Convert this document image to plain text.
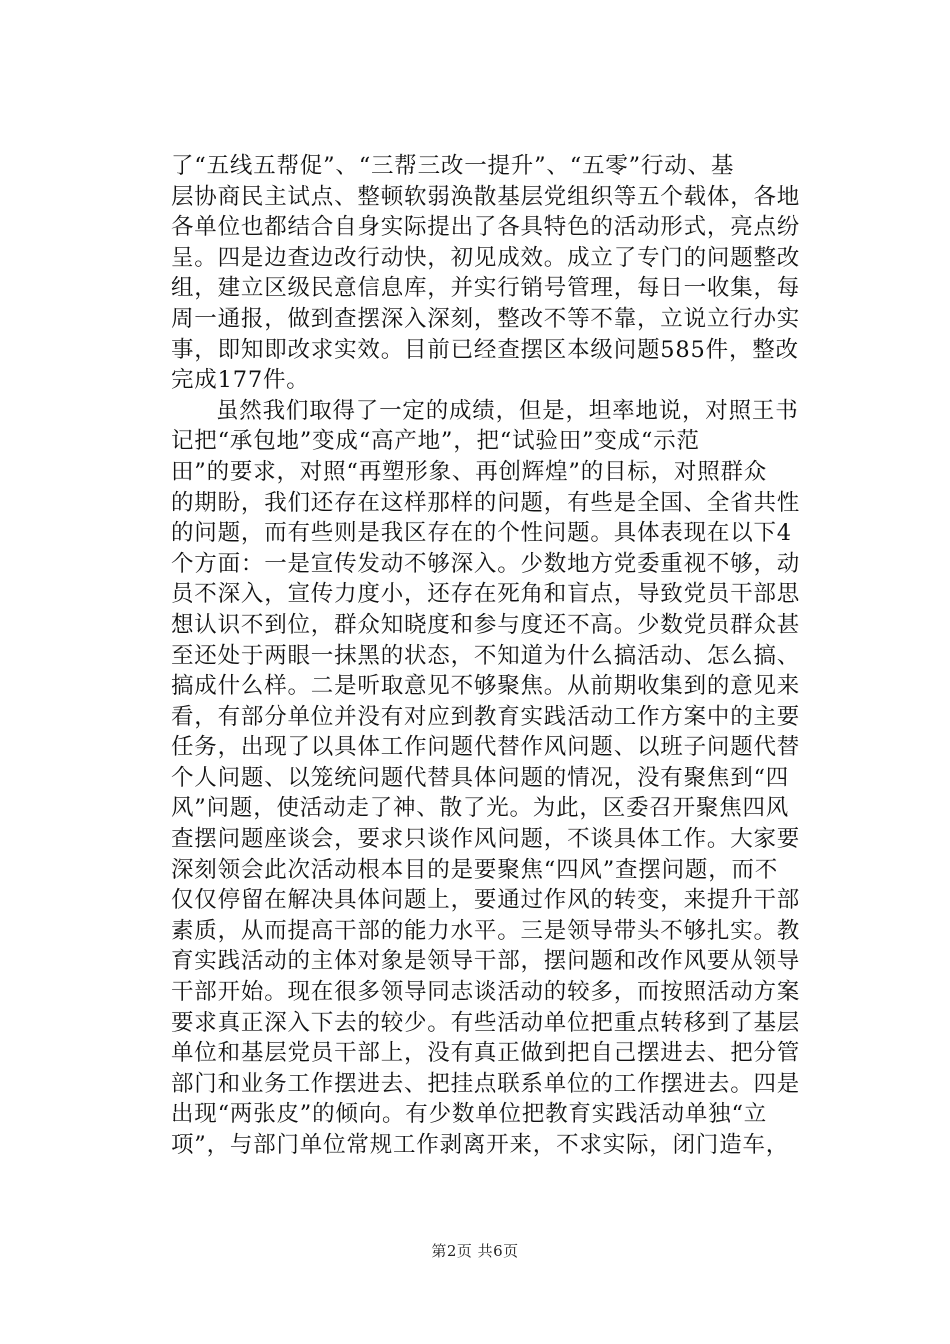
了“五线五帮促”、“三帮三改一提升”、“五零”行动、基
层协商民主试点、整顿软弱涣散基层党组织等五个载体，各地
各单位也都结合自身实际提出了各具特色的活动形式，亮点纷
呈。四是边查边改行动快，初见成效。成立了专门的问题整改
组，建立区级民意信息库，并实行销号管理，每日一收集，每
周一通报，做到查摆深入深刻，整改不等不靠，立说立行办实
事，即知即改求实效。目前已经查摆区本级问题585件，整改
完成177件。
虽然我们取得了一定的成绩，但是，坦率地说，对照王书
记把“承包地”变成“高产地”，把“试验田”变成“示范
田”的要求，对照“再塑形象、再创辉煌”的目标，对照群众
的期盼，我们还存在这样那样的问题，有些是全国、全省共性
的问题，而有些则是我区存在的个性问题。具体表现在以下4
个方面：一是宣传发动不够深入。少数地方党委重视不够，动
员不深入，宣传力度小，还存在死角和盲点，导致党员干部思
想认识不到位，群众知晓度和参与度还不高。少数党员群众甚
至还处于两眼一抹黑的状态，不知道为什么搞活动、怎么搞、
搞成什么样。二是听取意见不够聚焦。从前期收集到的意见来
看，有部分单位并没有对应到教育实践活动工作方案中的主要
任务，出现了以具体工作问题代替作风问题、以班子问题代替
个人问题、以笼统问题代替具体问题的情况，没有聚焦到“四
风”问题，使活动走了神、散了光。为此，区委召开聚焦四风
查摆问题座谈会，要求只谈作风问题，不谈具体工作。大家要
深刻领会此次活动根本目的是要聚焦“四风”查摆问题，而不
仅仅停留在解决具体问题上，要通过作风的转变，来提升干部
素质，从而提高干部的能力水平。三是领导带头不够扎实。教
育实践活动的主体对象是领导干部，摆问题和改作风要从领导
干部开始。现在很多领导同志谈活动的较多，而按照活动方案
要求真正深入下去的较少。有些活动单位把重点转移到了基层
单位和基层党员干部上，没有真正做到把自己摆进去、把分管
部门和业务工作摆进去、把挂点联系单位的工作摆进去。四是
出现“两张皮”的倾向。有少数单位把教育实践活动单独“立
项”，与部门单位常规工作剥离开来，不求实际，闭门造车，
第2页 共6页
